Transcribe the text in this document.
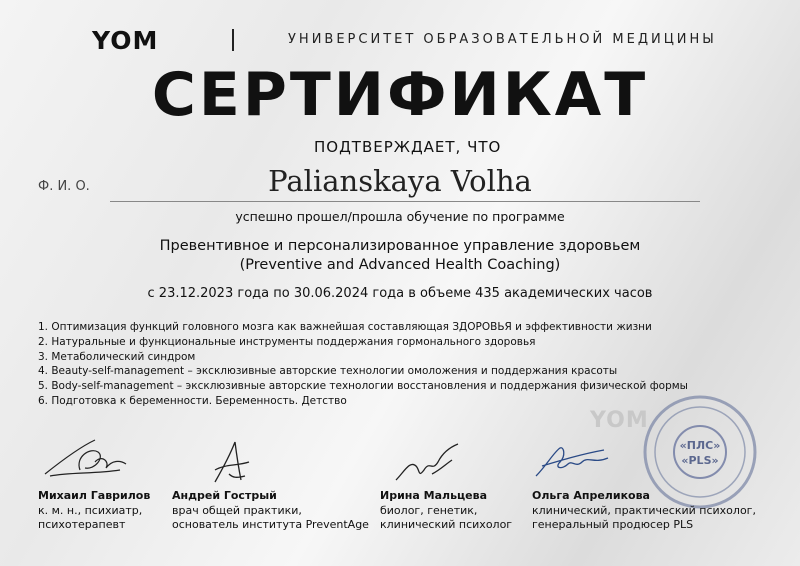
YOM	УНИВЕРСИТЕТ ОБРАЗОВАТЕЛЬНОЙ МЕДИЦИНЫ
СЕРТИФИКАТ
ПОДТВЕРЖДАЕТ, ЧТО
Ф. И. О.	Palianskaya Volha
успешно прошел/прошла обучение по программе
Превентивное и персонализированное управление здоровьем
(Preventive and Advanced Health Coaching)
с 23.12.2023 года по 30.06.2024 года в объеме 435 академических часов
1. Оптимизация функций головного мозга как важнейшая составляющая ЗДОРОВЬЯ и эффективности жизни
2. Натуральные и функциональные инструменты поддержания гормонального здоровья
3. Метаболический синдром
4. Beauty-self-management – эксклюзивные авторские технологии омоложения и поддержания красоты
5. Body-self-management – эксклюзивные авторские технологии восстановления и поддержания физической формы
6. Подготовка к беременности. Беременность. Детство
YOM
«ПЛС»
«PLS»
Михаил Гаврилов
к. м. н., психиатр,
психотерапевт
Андрей Гострый
врач общей практики,
основатель института PreventAge
Ирина Мальцева
биолог, генетик,
клинический психолог
Ольга Апреликова
клинический, практический психолог,
генеральный продюсер PLS
